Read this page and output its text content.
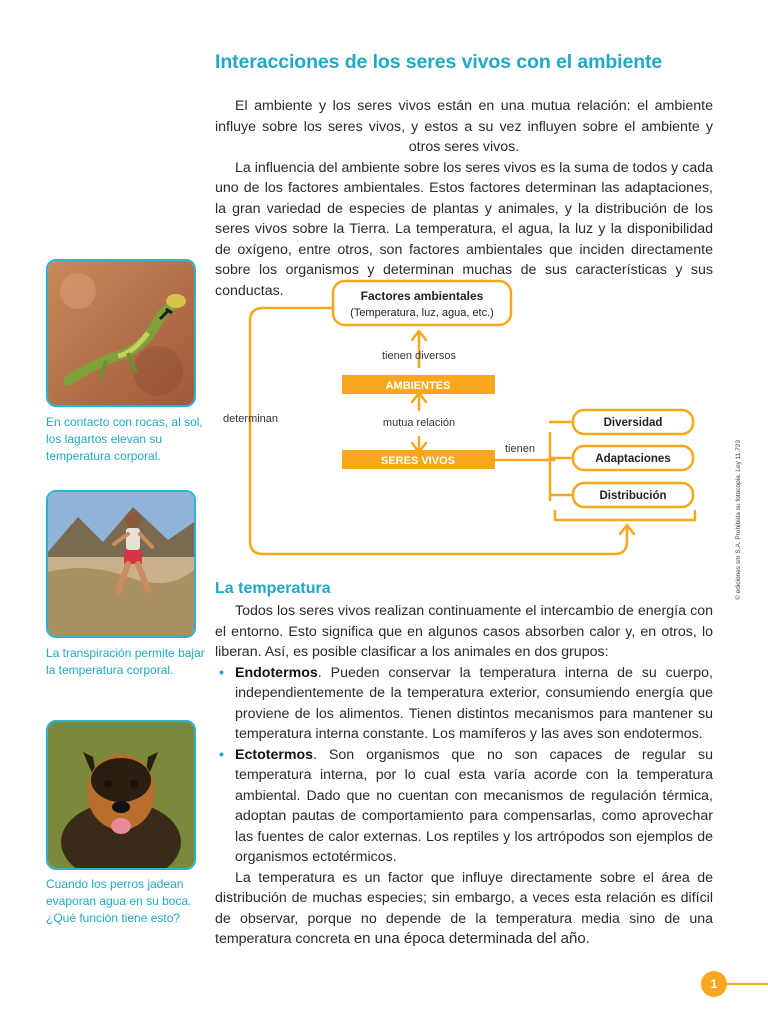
Interacciones de los seres vivos con el ambiente

El ambiente y los seres vivos están en una mutua relación: el ambiente influye sobre los seres vivos, y estos a su vez influyen sobre el ambiente y otros seres vivos.

La influencia del ambiente sobre los seres vivos es la suma de todos y cada uno de los factores ambientales. Estos factores determinan las adaptaciones, la gran variedad de especies de plantas y animales, y la distribución de los seres vivos sobre la Tierra. La temperatura, el agua, la luz y la disponibilidad de oxígeno, entre otros, son factores ambientales que inciden directamente sobre los organismos y determinan muchas de sus características y sus conductas.

En contacto con rocas, al sol, los lagartos elevan su temperatura corporal.
La transpiración permite bajar la temperatura corporal.
Cuando los perros jadean evaporan agua en su boca. ¿Qué función tiene esto?
Factores ambientales
(Temperatura, luz, agua, etc.)
tienen diversos
AMBIENTES
mutua relación
SERES VIVOS
determinan
tienen
Diversidad
Adaptaciones
Distribución
La temperatura

Todos los seres vivos realizan continuamente el intercambio de energía con el entorno. Esto significa que en algunos casos absorben calor y, en otros, lo liberan. Así, es posible clasificar a los animales en dos grupos:

• Endotermos. Pueden conservar la temperatura interna de su cuerpo, independientemente de la temperatura exterior, consumiendo energía que proviene de los alimentos. Tienen distintos mecanismos para mantener su temperatura interna constante. Los mamíferos y las aves son endotermos.
• Ectotermos. Son organismos que no son capaces de regular su temperatura interna, por lo cual esta varía acorde con la temperatura ambiental. Dado que no cuentan con mecanismos de regulación térmica, adoptan pautas de comportamiento para compensarlas, como aprovechar las fuentes de calor externas. Los reptiles y los artrópodos son ejemplos de organismos ectotérmicos.

La temperatura es un factor que influye directamente sobre el área de distribución de muchas especies; sin embargo, a veces esta relación es difícil de observar, porque no depende de la temperatura media sino de una temperatura concreta en una época determinada del año.

© ediciones sm S.A. Prohibida su fotocopia. Ley 11.723
1
